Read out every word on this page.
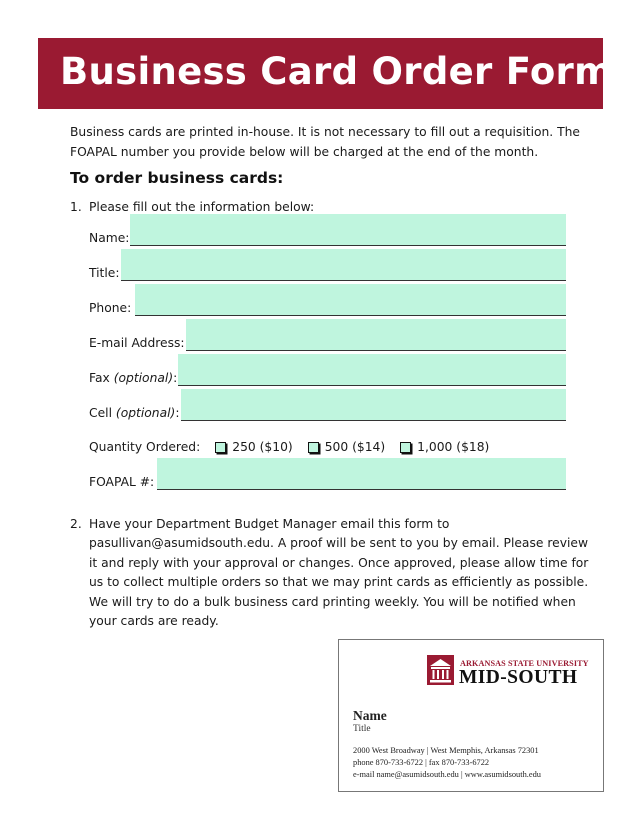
Business Card Order Form

Business cards are printed in-house. It is not necessary to fill out a requisition. The FOAPAL number you provide below will be charged at the end of the month.

To order business cards:

1. Please fill out the information below:

Name:
Title:
Phone:
E-mail Address:
Fax (optional):
Cell (optional):
Quantity Ordered:	250 ($10)	500 ($14)	1,000 ($18)
FOAPAL #:

2. Have your Department Budget Manager email this form to pasullivan@asumidsouth.edu. A proof will be sent to you by email. Please review it and reply with your approval or changes. Once approved, please allow time for us to collect multiple orders so that we may print cards as efficiently as possible. We will try to do a bulk business card printing weekly. You will be notified when your cards are ready.

ARKANSAS STATE UNIVERSITY
MID-SOUTH
Name
Title
2000 West Broadway | West Memphis, Arkansas 72301
phone 870-733-6722 | fax 870-733-6722
e-mail name@asumidsouth.edu | www.asumidsouth.edu
